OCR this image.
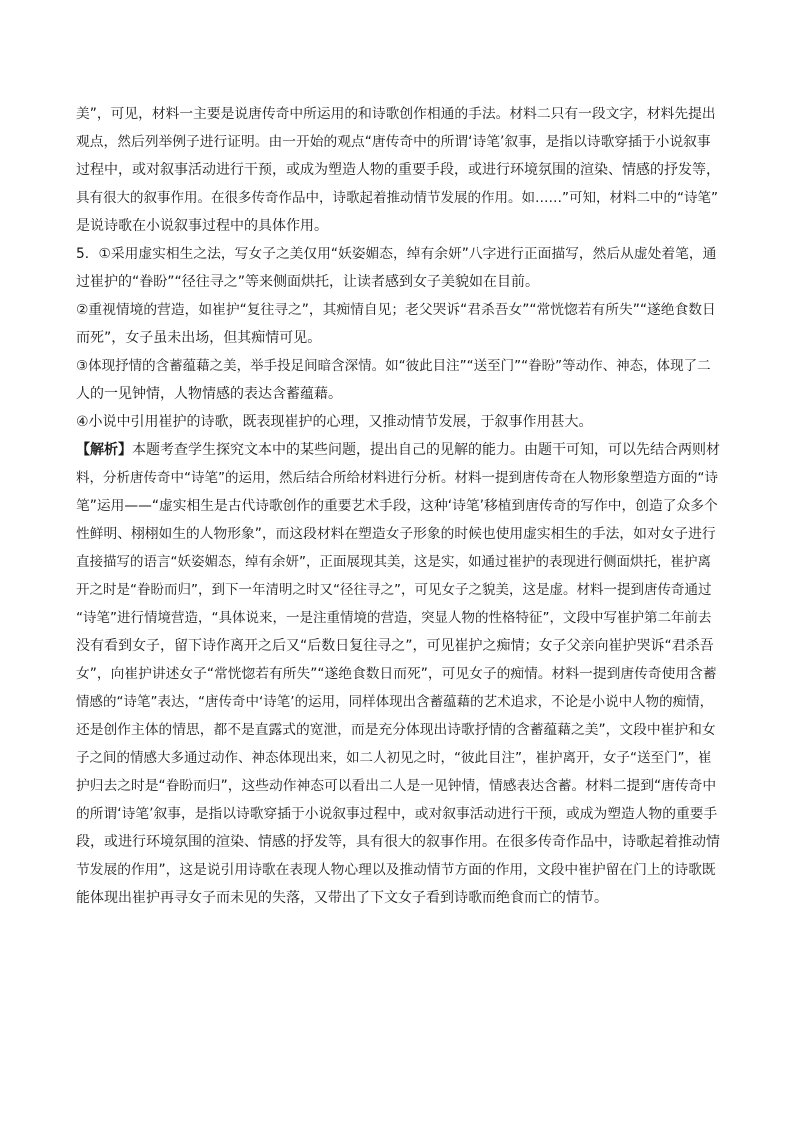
美”，可见，材料一主要是说唐传奇中所运用的和诗歌创作相通的手法。材料二只有一段文字，材料先提出
观点，然后列举例子进行证明。由一开始的观点“唐传奇中的所谓‘诗笔’叙事，是指以诗歌穿插于小说叙事
过程中，或对叙事活动进行干预，或成为塑造人物的重要手段，或进行环境氛围的渲染、情感的抒发等，
具有很大的叙事作用。在很多传奇作品中，诗歌起着推动情节发展的作用。如……”可知，材料二中的“诗笔”
是说诗歌在小说叙事过程中的具体作用。
5．①采用虚实相生之法，写女子之美仅用“妖姿媚态，绰有余妍”八字进行正面描写，然后从虚处着笔，通
过崔护的“眷盼”“径往寻之”等来侧面烘托，让读者感到女子美貌如在目前。
②重视情境的营造，如崔护“复往寻之”，其痴情自见；老父哭诉“君杀吾女”“常恍惚若有所失”“遂绝食数日
而死”，女子虽未出场，但其痴情可见。
③体现抒情的含蓄蕴藉之美，举手投足间暗含深情。如“彼此目注”“送至门”“眷盼”等动作、神态，体现了二
人的一见钟情，人物情感的表达含蓄蕴藉。
④小说中引用崔护的诗歌，既表现崔护的心理，又推动情节发展，于叙事作用甚大。
【解析】本题考查学生探究文本中的某些问题，提出自己的见解的能力。由题干可知，可以先结合两则材
料，分析唐传奇中“诗笔”的运用，然后结合所给材料进行分析。材料一提到唐传奇在人物形象塑造方面的“诗
笔”运用——“虚实相生是古代诗歌创作的重要艺术手段，这种‘诗笔’移植到唐传奇的写作中，创造了众多个
性鲜明、栩栩如生的人物形象”，而这段材料在塑造女子形象的时候也使用虚实相生的手法，如对女子进行
直接描写的语言“妖姿媚态，绰有余妍”，正面展现其美，这是实，如通过崔护的表现进行侧面烘托，崔护离
开之时是“眷盼而归”，到下一年清明之时又“径往寻之”，可见女子之貌美，这是虚。材料一提到唐传奇通过
“诗笔”进行情境营造，“具体说来，一是注重情境的营造，突显人物的性格特征”，文段中写崔护第二年前去
没有看到女子，留下诗作离开之后又“后数日复往寻之”，可见崔护之痴情；女子父亲向崔护哭诉“君杀吾
女”，向崔护讲述女子“常恍惚若有所失”“遂绝食数日而死”，可见女子的痴情。材料一提到唐传奇使用含蓄
情感的“诗笔”表达，“唐传奇中‘诗笔’的运用，同样体现出含蓄蕴藉的艺术追求，不论是小说中人物的痴情，
还是创作主体的情思，都不是直露式的宽泄，而是充分体现出诗歌抒情的含蓄蕴藉之美”，文段中崔护和女
子之间的情感大多通过动作、神态体现出来，如二人初见之时，“彼此目注”，崔护离开，女子“送至门”，崔
护归去之时是“眷盼而归”，这些动作神态可以看出二人是一见钟情，情感表达含蓄。材料二提到“唐传奇中
的所谓‘诗笔’叙事，是指以诗歌穿插于小说叙事过程中，或对叙事活动进行干预，或成为塑造人物的重要手
段，或进行环境氛围的渲染、情感的抒发等，具有很大的叙事作用。在很多传奇作品中，诗歌起着推动情
节发展的作用”，这是说引用诗歌在表现人物心理以及推动情节方面的作用，文段中崔护留在门上的诗歌既
能体现出崔护再寻女子而未见的失落，又带出了下文女子看到诗歌而绝食而亡的情节。
